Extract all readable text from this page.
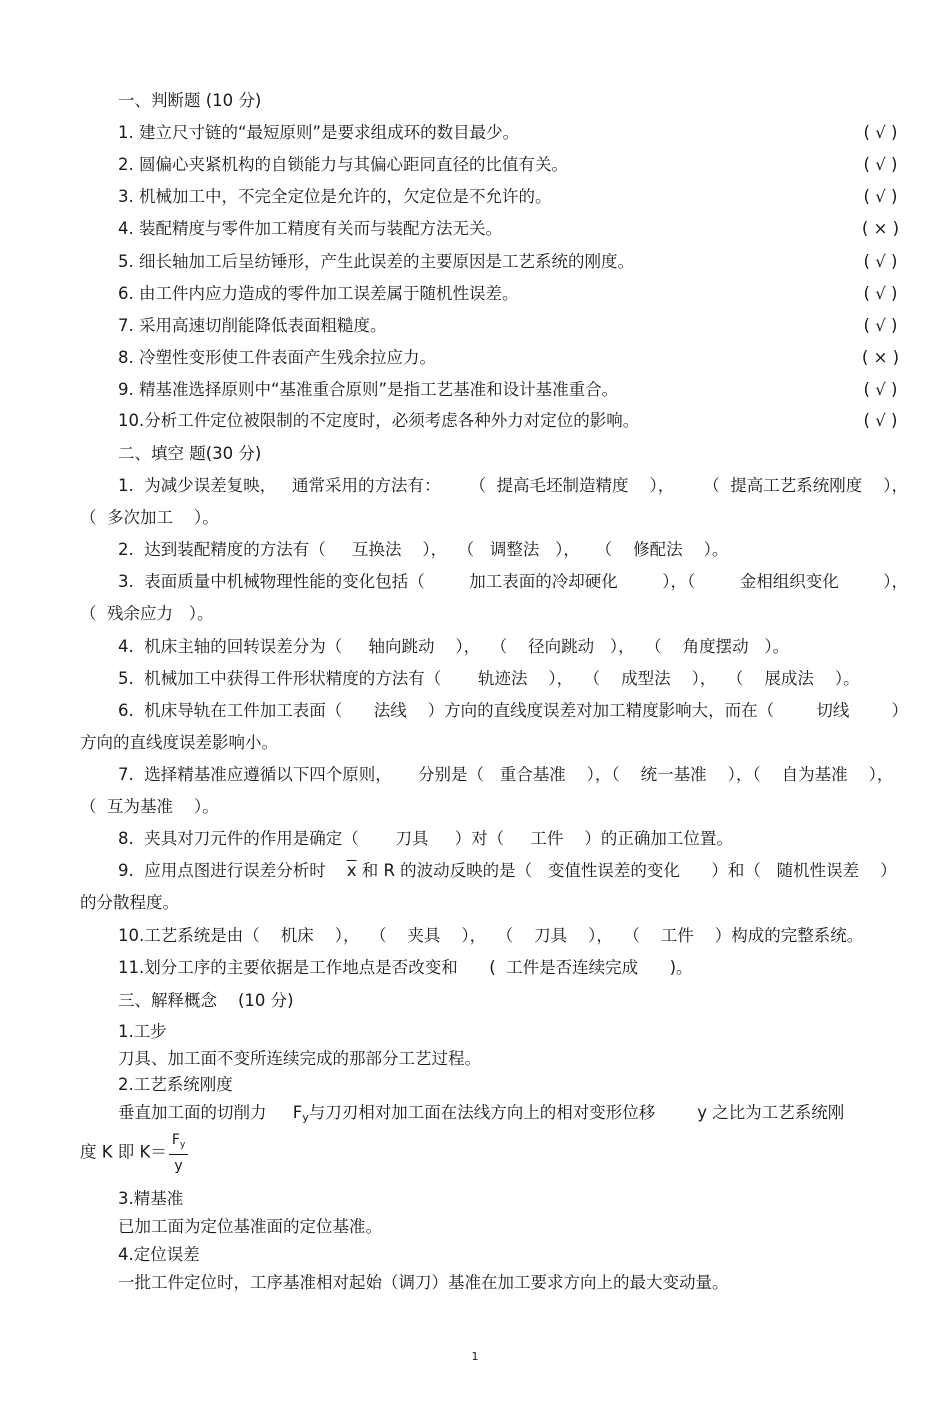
一、判断题 (10 分)
1. 建立尺寸链的“最短原则”是要求组成环的数目最少。	( √ )
2. 圆偏心夹紧机构的自锁能力与其偏心距同直径的比值有关。	( √ )
3. 机械加工中，不完全定位是允许的，欠定位是不允许的。	( √ )
4. 装配精度与零件加工精度有关而与装配方法无关。	( × )
5. 细长轴加工后呈纺锤形，产生此误差的主要原因是工艺系统的刚度。	( √ )
6. 由工件内应力造成的零件加工误差属于随机性误差。	( √ )
7. 采用高速切削能降低表面粗糙度。	( √ )
8. 冷塑性变形使工件表面产生残余拉应力。	( × )
9. 精基准选择原则中“基准重合原则”是指工艺基准和设计基准重合。	( √ )
10.分析工件定位被限制的不定度时，必须考虑各种外力对定位的影响。	( √ )
二、填空 题(30 分)
1.  为减少误差复映，   通常采用的方法有： （  提高毛坯制造精度    ）， （  提高工艺系统刚度    ），
（  多次加工    ）。
2.  达到装配精度的方法有（     互换法    ），  （   调整法   ），   （    修配法    ）。
3.  表面质量中机械物理性能的变化包括（	加工表面的冷却硬化	），（	金相组织变化	），
（  残余应力   ）。
4.  机床主轴的回转误差分为（     轴向跳动    ），  （    径向跳动   ），  （    角度摆动   ）。
5.  机械加工中获得工件形状精度的方法有（       轨迹法    ），  （    成型法    ），  （    展成法    ）。
6.  机床导轨在工件加工表面（      法线    ）方向的直线度误差对加工精度影响大，而在（	切线	）
方向的直线度误差影响小。
7.  选择精基准应遵循以下四个原则，     分别是（   重合基准    ），（    统一基准    ），（    自为基准    ），
（  互为基准    ）。
8.  夹具对刀元件的作用是确定（       刀具     ）对（     工件    ）的正确加工位置。
9.  应用点图进行误差分析时    $\overline{x}$ 和 R 的波动反映的是（   变值性误差的变化      ）和（   随机性误差    ）
的分散程度。
10.工艺系统是由（    机床    ），  （    夹具    ），  （    刀具    ），  （    工件    ）构成的完整系统。
11.划分工序的主要依据是工作地点是否改变和      (  工件是否连续完成      )。
三、解释概念    (10 分)
1.工步
刀具、加工面不变所连续完成的那部分工艺过程。
2.工艺系统刚度
垂直加工面的切削力     $F_y$与刀刃相对加工面在法线方向上的相对变形位移        y 之比为工艺系统刚
度 K 即 $K= \frac{F_y}{y}$
3.精基准
已加工面为定位基准面的定位基准。
4.定位误差
一批工件定位时，工序基准相对起始（调刀）基准在加工要求方向上的最大变动量。
1
